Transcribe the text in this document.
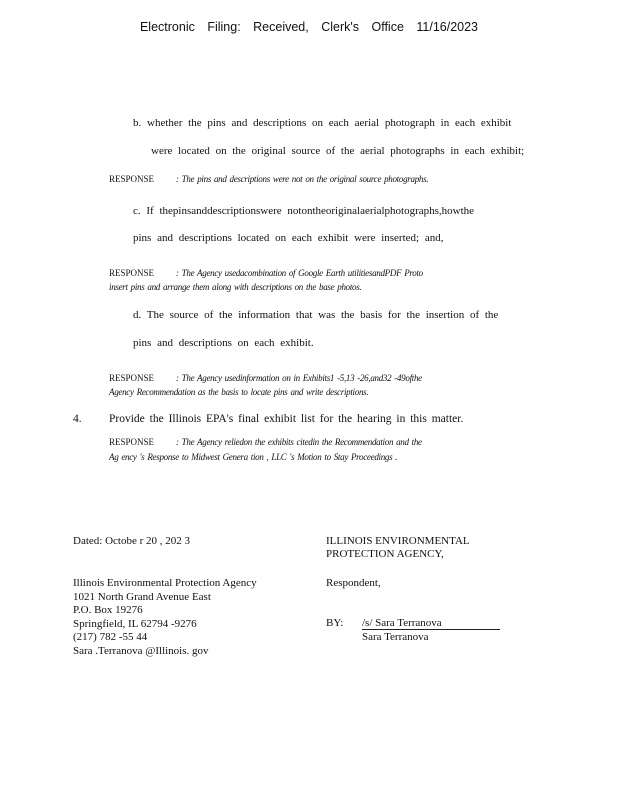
Electronic Filing: Received, Clerk's Office 11/16/2023
b. whether the pins and descriptions on each aerial photograph in each exhibit
were located on the original source of the aerial photographs in each exhibit;
RESPONSE : The pins and descriptions were not on the original source photographs.
c. If thepinsanddescriptionswere notontheoriginalaerialphotographs,howthe
pins and descriptions located on each exhibit were inserted; and,
RESPONSE : The Agency usedacombination of Google Earth utilitiesandPDF Proto
insert pins and arrange them along with descriptions on the base photos.
d. The source of the information that was the basis for the insertion of the
pins and descriptions on each exhibit.
RESPONSE : The Agency usedinformation on in Exhibits1 -5,13 -26,and32 -49ofthe
Agency Recommendation as the basis to locate pins and write descriptions.
4. Provide the Illinois EPA's final exhibit list for the hearing in this matter.
RESPONSE : The Agency reliedon the exhibits citedin the Recommendation and the
Ag ency 's Response to Midwest Genera tion , LLC 's Motion to Stay Proceedings .
Dated: Octobe r 20 , 202 3	ILLINOIS ENVIRONMENTAL
PROTECTION AGENCY,
Respondent,
Illinois Environmental Protection Agency
1021 North Grand Avenue East
P.O. Box 19276
Springfield, IL 62794 -9276
(217) 782 -55 44
Sara .Terranova @Illinois. gov
BY: /s/ Sara Terranova
Sara Terranova
